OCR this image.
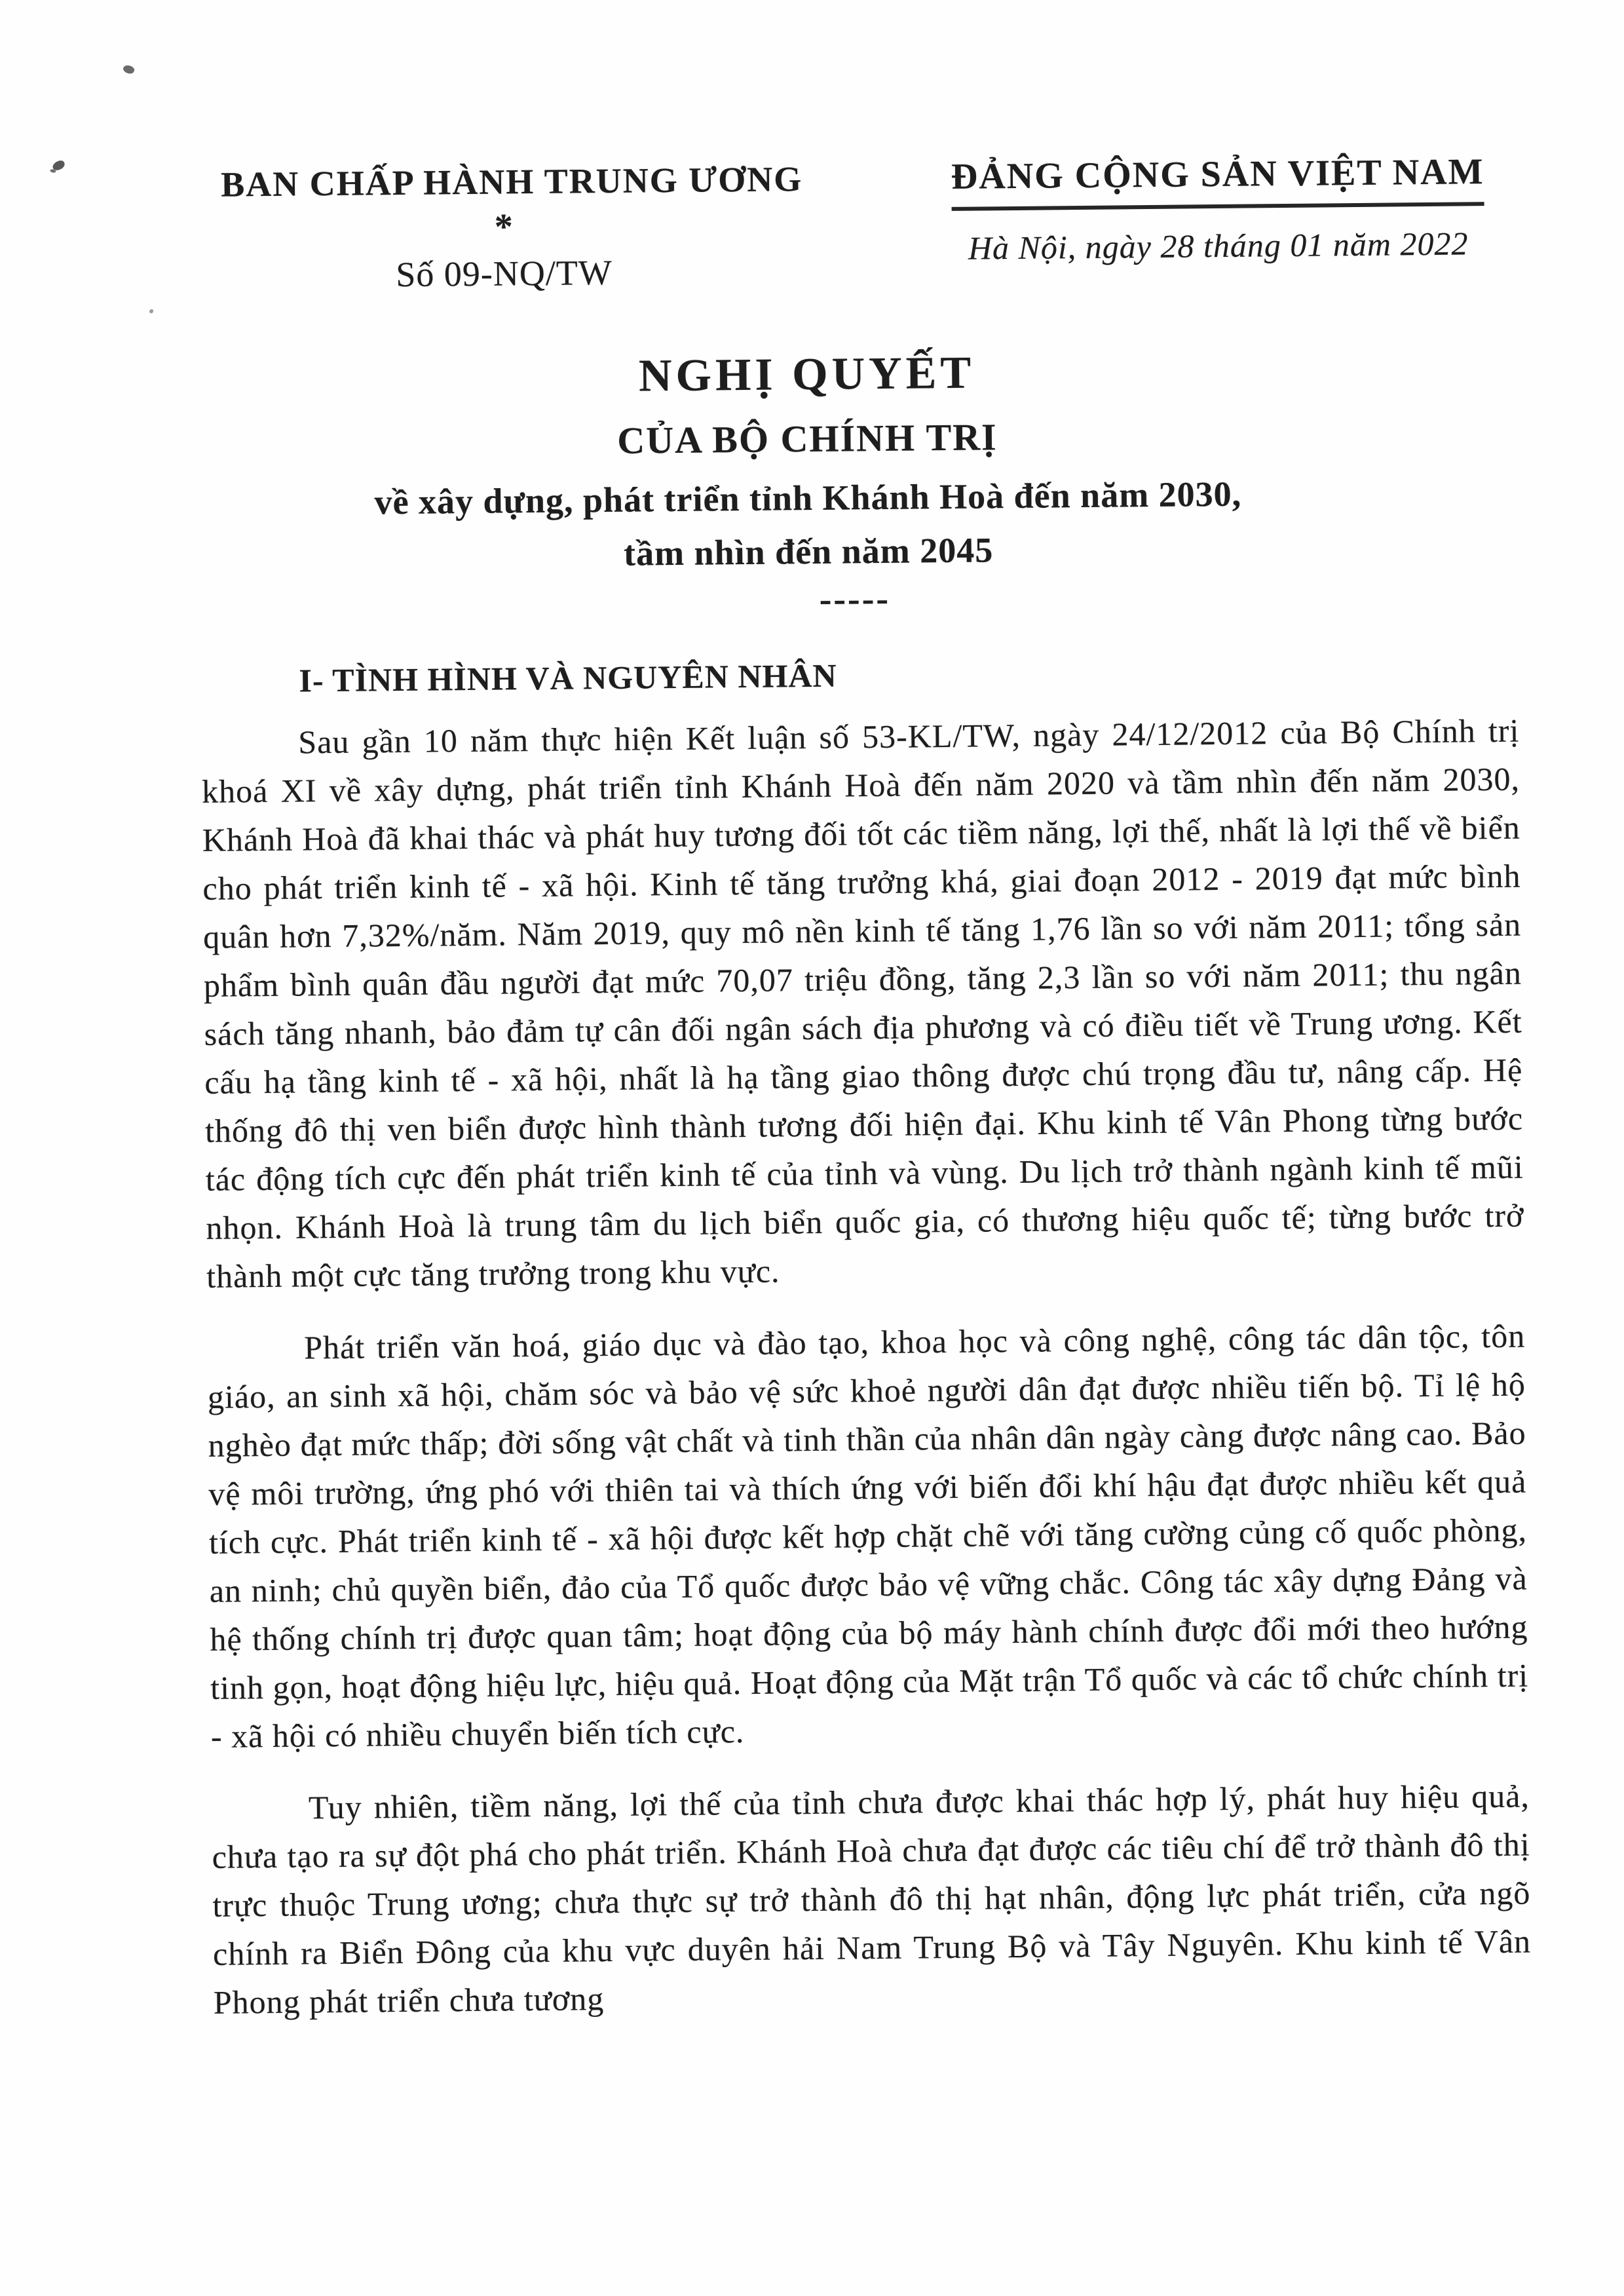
BAN CHẤP HÀNH TRUNG ƯƠNG
*
Số 09-NQ/TW
ĐẢNG CỘNG SẢN VIỆT NAM
Hà Nội, ngày 28 tháng 01 năm 2022
NGHỊ QUYẾT
CỦA BỘ CHÍNH TRỊ
về xây dựng, phát triển tỉnh Khánh Hoà đến năm 2030,
tầm nhìn đến năm 2045
-----
I- TÌNH HÌNH VÀ NGUYÊN NHÂN

Sau gần 10 năm thực hiện Kết luận số 53-KL/TW, ngày 24/12/2012 của Bộ Chính trị khoá XI về xây dựng, phát triển tỉnh Khánh Hoà đến năm 2020 và tầm nhìn đến năm 2030, Khánh Hoà đã khai thác và phát huy tương đối tốt các tiềm năng, lợi thế, nhất là lợi thế về biển cho phát triển kinh tế - xã hội. Kinh tế tăng trưởng khá, giai đoạn 2012 - 2019 đạt mức bình quân hơn 7,32%/năm. Năm 2019, quy mô nền kinh tế tăng 1,76 lần so với năm 2011; tổng sản phẩm bình quân đầu người đạt mức 70,07 triệu đồng, tăng 2,3 lần so với năm 2011; thu ngân sách tăng nhanh, bảo đảm tự cân đối ngân sách địa phương và có điều tiết về Trung ương. Kết cấu hạ tầng kinh tế - xã hội, nhất là hạ tầng giao thông được chú trọng đầu tư, nâng cấp. Hệ thống đô thị ven biển được hình thành tương đối hiện đại. Khu kinh tế Vân Phong từng bước tác động tích cực đến phát triển kinh tế của tỉnh và vùng. Du lịch trở thành ngành kinh tế mũi nhọn. Khánh Hoà là trung tâm du lịch biển quốc gia, có thương hiệu quốc tế; từng bước trở thành một cực tăng trưởng trong khu vực.

Phát triển văn hoá, giáo dục và đào tạo, khoa học và công nghệ, công tác dân tộc, tôn giáo, an sinh xã hội, chăm sóc và bảo vệ sức khoẻ người dân đạt được nhiều tiến bộ. Tỉ lệ hộ nghèo đạt mức thấp; đời sống vật chất và tinh thần của nhân dân ngày càng được nâng cao. Bảo vệ môi trường, ứng phó với thiên tai và thích ứng với biến đổi khí hậu đạt được nhiều kết quả tích cực. Phát triển kinh tế - xã hội được kết hợp chặt chẽ với tăng cường củng cố quốc phòng, an ninh; chủ quyền biển, đảo của Tổ quốc được bảo vệ vững chắc. Công tác xây dựng Đảng và hệ thống chính trị được quan tâm; hoạt động của bộ máy hành chính được đổi mới theo hướng tinh gọn, hoạt động hiệu lực, hiệu quả. Hoạt động của Mặt trận Tổ quốc và các tổ chức chính trị - xã hội có nhiều chuyển biến tích cực.

Tuy nhiên, tiềm năng, lợi thế của tỉnh chưa được khai thác hợp lý, phát huy hiệu quả, chưa tạo ra sự đột phá cho phát triển. Khánh Hoà chưa đạt được các tiêu chí để trở thành đô thị trực thuộc Trung ương; chưa thực sự trở thành đô thị hạt nhân, động lực phát triển, cửa ngõ chính ra Biển Đông của khu vực duyên hải Nam Trung Bộ và Tây Nguyên. Khu kinh tế Vân Phong phát triển chưa tương
